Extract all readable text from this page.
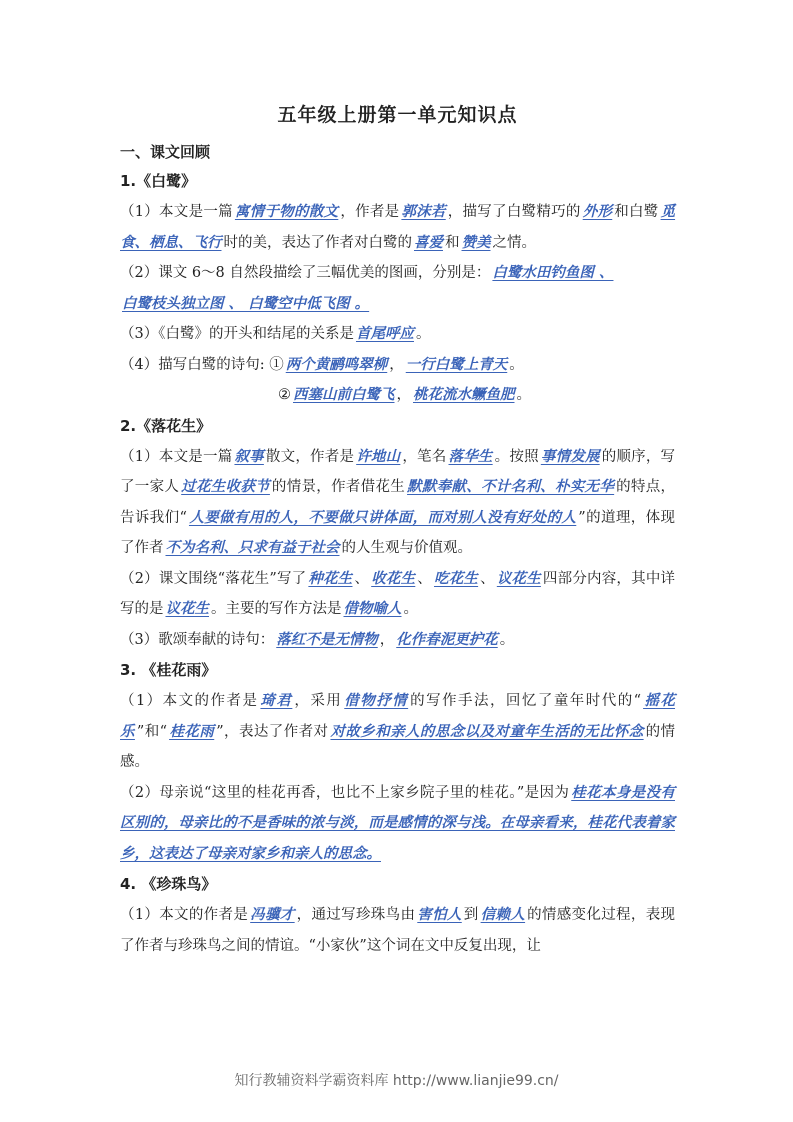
五年级上册第一单元知识点
一、课文回顾
1.《白鹭》

（1）本文是一篇 寓情于物的散文 ，作者是 郭沫若 ，描写了白鹭精巧的 外形 和白鹭 觅食、栖息、飞行 时的美，表达了作者对白鹭的 喜爱 和 赞美 之情。

（2）课文 6～8 自然段描绘了三幅优美的图画，分别是： 白鹭水田钓鱼图 、
白鹭枝头独立图 、 白鹭空中低飞图 。

（3）《白鹭》的开头和结尾的关系是 首尾呼应 。

（4）描写白鹭的诗句: ① 两个黄鹂鸣翠柳 ， 一行白鹭上青天 。

② 西塞山前白鹭飞 ， 桃花流水鳜鱼肥 。

2.《落花生》

（1）本文是一篇 叙事 散文，作者是 许地山 ，笔名 落华生 。按照 事情发展 的顺序，写了一家人 过花生收获节 的情景，作者借花生 默默奉献、不计名利、朴实无华 的特点，告诉我们“ 人要做有用的人，不要做只讲体面，而对别人没有好处的人 ”的道理，体现了作者 不为名利、只求有益于社会 的人生观与价值观。

（2）课文围绕“落花生”写了 种花生 、 收花生 、 吃花生 、 议花生 四部分内容，其中详写的是 议花生 。主要的写作方法是 借物喻人 。

（3）歌颂奉献的诗句： 落红不是无情物 ， 化作春泥更护花 。

3. 《桂花雨》

（1）本文的作者是 琦君 ，采用 借物抒情 的写作手法，回忆了童年时代的“ 摇花乐 ”和“ 桂花雨 ”，表达了作者对 对故乡和亲人的思念以及对童年生活的无比怀念 的情感。

（2）母亲说“这里的桂花再香，也比不上家乡院子里的桂花。”是因为 桂花本身是没有区别的，母亲比的不是香味的浓与淡，而是感情的深与浅。在母亲看来，桂花代表着家乡，这表达了母亲对家乡和亲人的思念。

4. 《珍珠鸟》

（1）本文的作者是 冯骥才 ，通过写珍珠鸟由 害怕人 到 信赖人 的情感变化过程，表现了作者与珍珠鸟之间的情谊。“小家伙”这个词在文中反复出现，让

知行教辅资料学霸资料库 http://www.lianjie99.cn/
